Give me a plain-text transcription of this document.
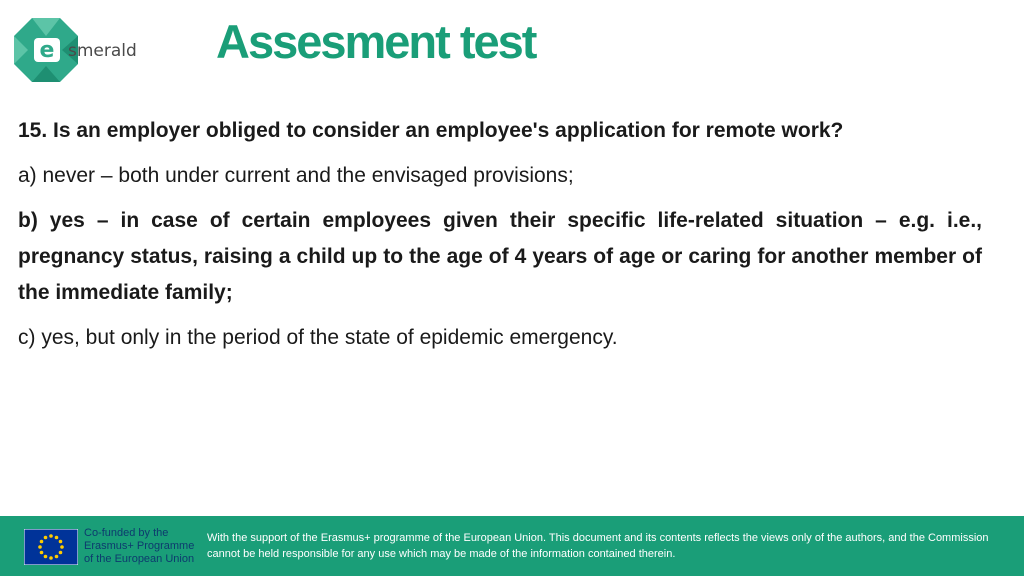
e smerald Assesment test

15. Is an employer obliged to consider an employee's application for remote work?

a) never – both under current and the envisaged provisions;

b) yes – in case of certain employees given their specific life-related situation – e.g. i.e., pregnancy status, raising a child up to the age of 4 years of age or caring for another member of the immediate family;

c) yes, but only in the period of the state of epidemic emergency.

Co-funded by the
Erasmus+ Programme
of the European Union
With the support of the Erasmus+ programme of the European Union. This document and its contents reflects the views only of the authors, and the Commission cannot be held responsible for any use which may be made of the information contained therein.
